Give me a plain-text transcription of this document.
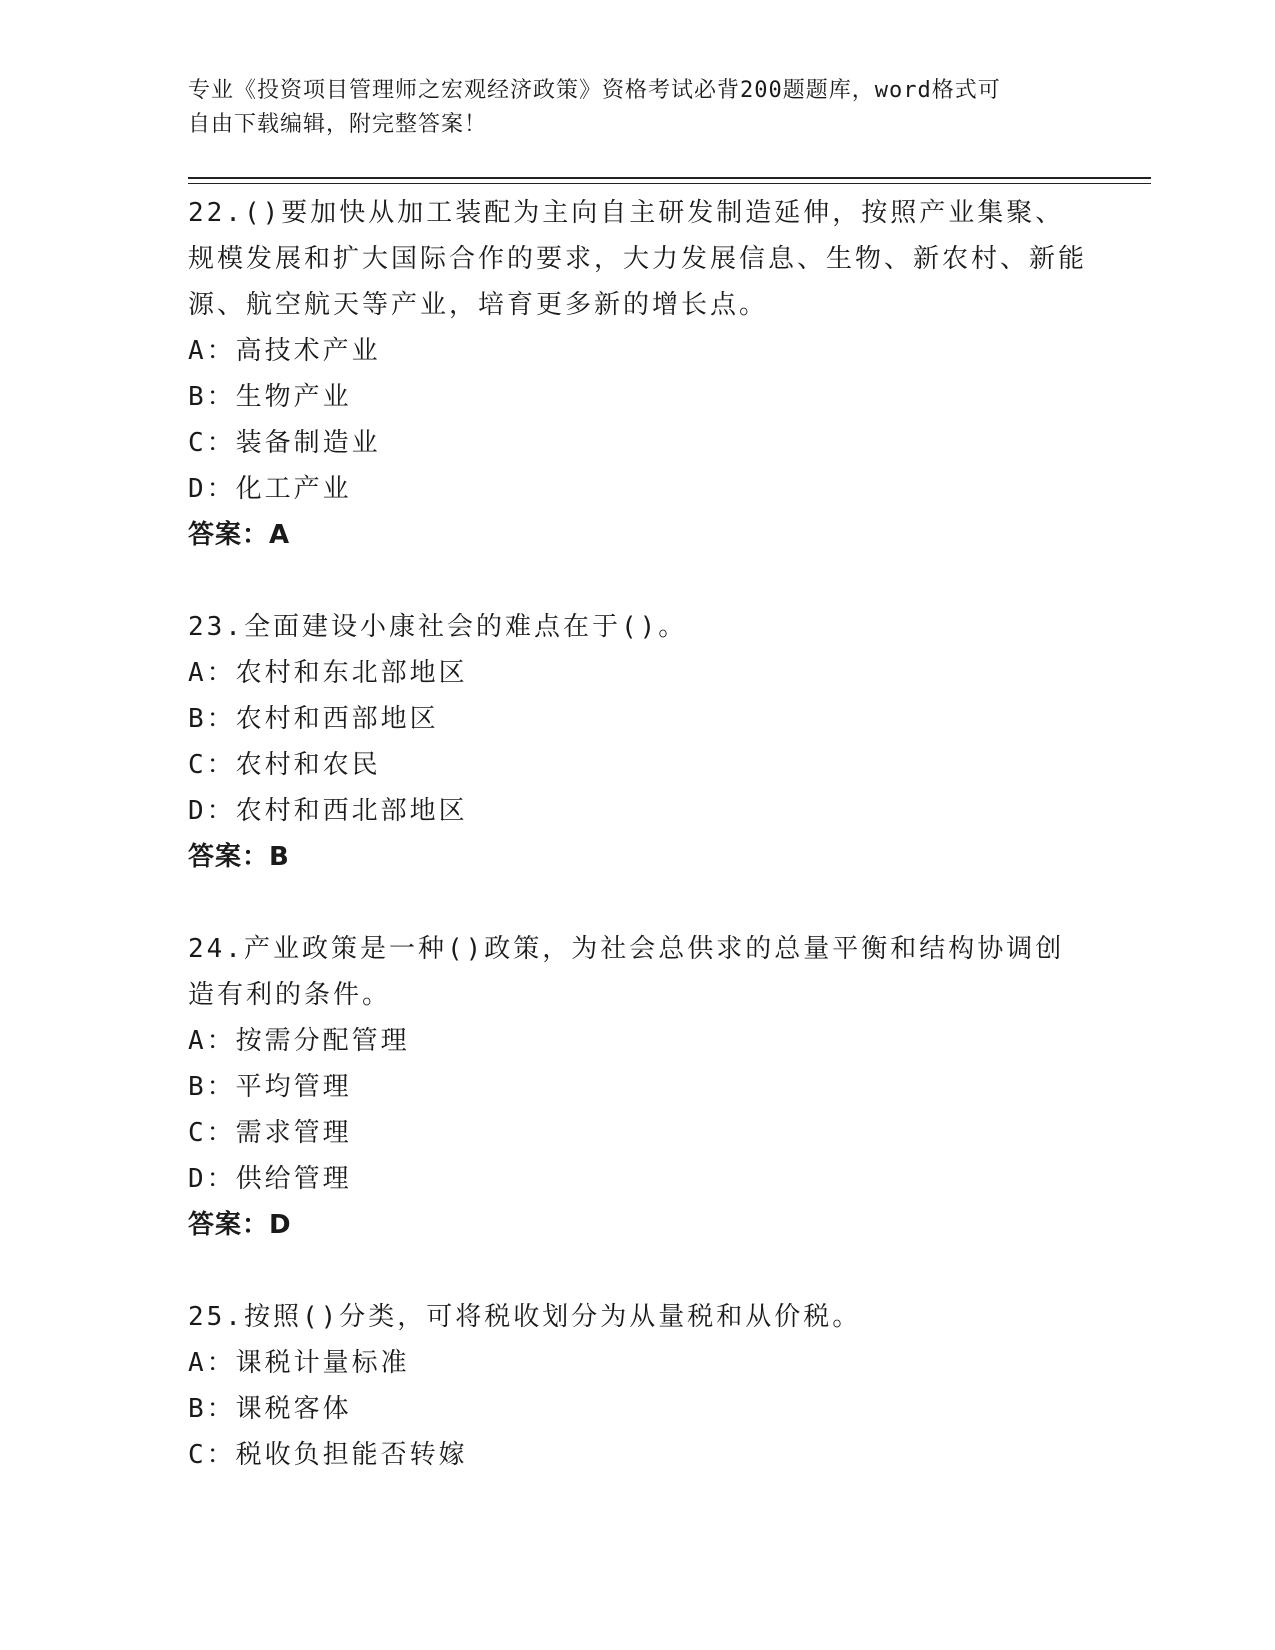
专业《投资项目管理师之宏观经济政策》资格考试必背200题题库，word格式可
自由下载编辑，附完整答案！
22.()要加快从加工装配为主向自主研发制造延伸，按照产业集聚、规模发展和扩大国际合作的要求，大力发展信息、生物、新农村、新能源、航空航天等产业，培育更多新的增长点。
A：高技术产业
B：生物产业
C：装备制造业
D：化工产业
答案：A
23.全面建设小康社会的难点在于()。
A：农村和东北部地区
B：农村和西部地区
C：农村和农民
D：农村和西北部地区
答案：B
24.产业政策是一种()政策，为社会总供求的总量平衡和结构协调创造有利的条件。
A：按需分配管理
B：平均管理
C：需求管理
D：供给管理
答案：D
25.按照()分类，可将税收划分为从量税和从价税。
A：课税计量标准
B：课税客体
C：税收负担能否转嫁
